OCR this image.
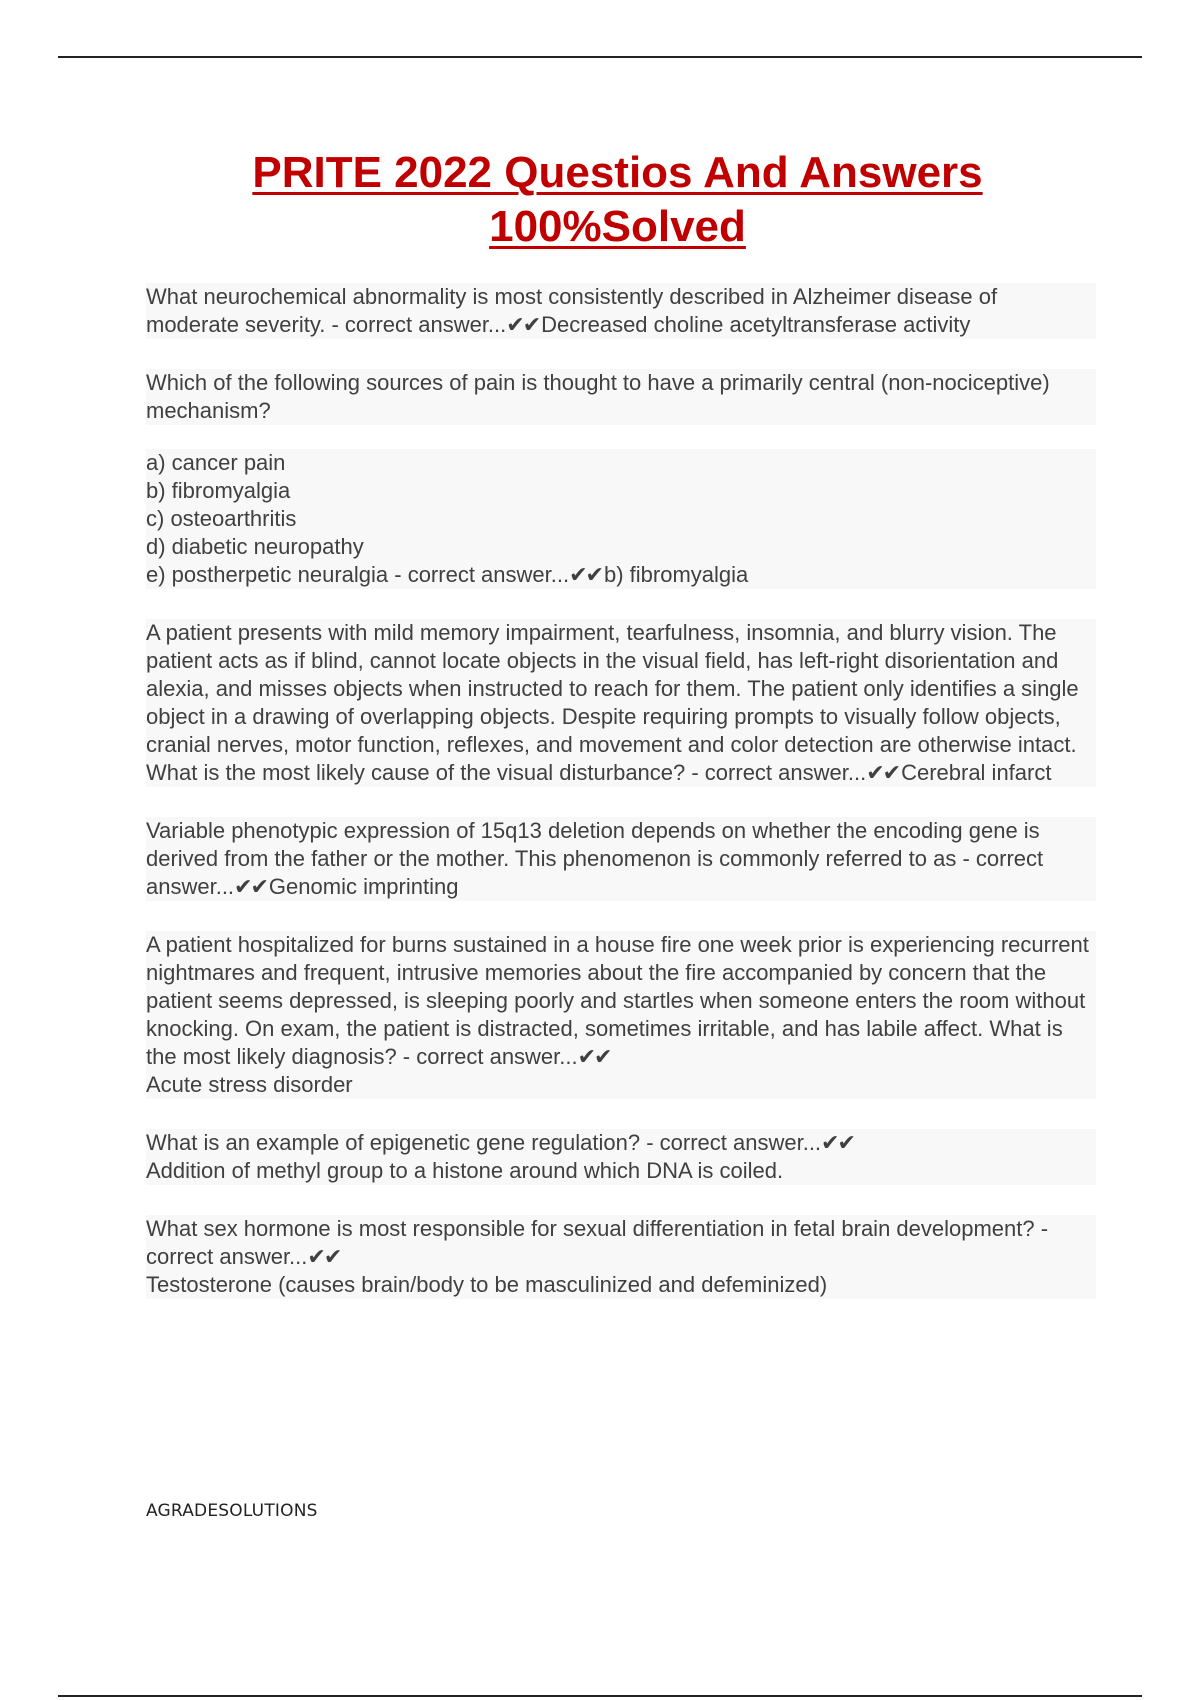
PRITE 2022 Questios And Answers
100%Solved
What neurochemical abnormality is most consistently described in Alzheimer disease of moderate severity. - correct answer...✔✔Decreased choline acetyltransferase activity
Which of the following sources of pain is thought to have a primarily central (non-nociceptive) mechanism?
a) cancer pain
b) fibromyalgia
c) osteoarthritis
d) diabetic neuropathy
e) postherpetic neuralgia - correct answer...✔✔b) fibromyalgia
A patient presents with mild memory impairment, tearfulness, insomnia, and blurry vision. The patient acts as if blind, cannot locate objects in the visual field, has left-right disorientation and alexia, and misses objects when instructed to reach for them. The patient only identifies a single object in a drawing of overlapping objects. Despite requiring prompts to visually follow objects, cranial nerves, motor function, reflexes, and movement and color detection are otherwise intact. What is the most likely cause of the visual disturbance? - correct answer...✔✔Cerebral infarct
Variable phenotypic expression of 15q13 deletion depends on whether the encoding gene is
derived from the father or the mother. This phenomenon is commonly referred to as - correct answer...✔✔Genomic imprinting
A patient hospitalized for burns sustained in a house fire one week prior is experiencing recurrent nightmares and frequent, intrusive memories about the fire accompanied by concern that the patient seems depressed, is sleeping poorly and startles when someone enters the room without knocking. On exam, the patient is distracted, sometimes irritable, and has labile affect. What is the most likely diagnosis? - correct answer...✔✔
Acute stress disorder
What is an example of epigenetic gene regulation? - correct answer...✔✔
Addition of methyl group to a histone around which DNA is coiled.
What sex hormone is most responsible for sexual differentiation in fetal brain development? - correct answer...✔✔
Testosterone (causes brain/body to be masculinized and defeminized)
AGRADESOLUTIONS
